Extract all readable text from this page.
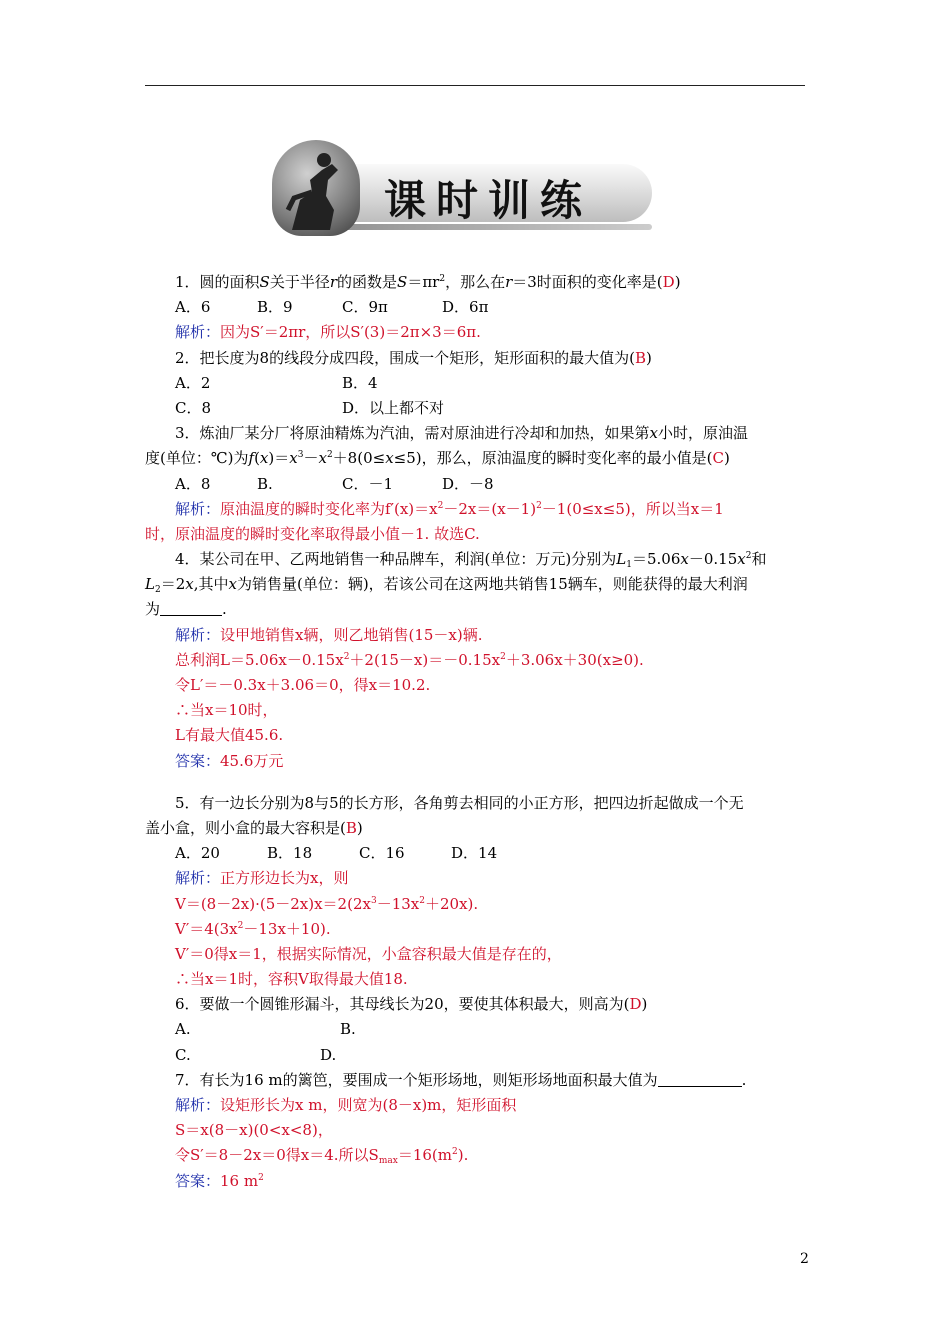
课时训练
1．圆的面积S关于半径r的函数是$S=\pi r^2$，那么在r＝3时面积的变化率是(D)
A．6	B．9	C．9π	D．6π
解析：因为S′＝2πr，所以S′(3)＝2π×3＝6π.
2．把长度为8的线段分成四段，围成一个矩形，矩形面积的最大值为(B)
A．2	B．4
C．8	D．以上都不对
3．炼油厂某分厂将原油精炼为汽油，需对原油进行冷却和加热，如果第x小时，原油温
度(单位：℃)为$f(x)=x^3-x^2+8(0\le x\le 5)$，那么，原油温度的瞬时变化率的最小值是(C)
A．8	B.	C．－1	D．－8
解析：原油温度的瞬时变化率为$f'(x)=x^2-2x=(x-1)^2-1(0\le x\le 5)$，所以当x＝1
时，原油温度的瞬时变化率取得最小值－1. 故选C.
4．某公司在甲、乙两地销售一种品牌车，利润(单位：万元)分别为$L_1=5.06x-0.15x^2$和
$L_2=2x$,其中x为销售量(单位：辆)，若该公司在这两地共销售15辆车，则能获得的最大利润
为	.
解析：设甲地销售x辆，则乙地销售(15－x)辆.
总利润$L=5.06x-0.15x^2+2(15-x)=-0.15x^2+3.06x+30(x\ge 0)$.
令L′＝－0.3x＋3.06＝0，得x＝10.2.
∴当x＝10时，
L有最大值45.6.
答案：45.6万元
5．有一边长分别为8与5的长方形，各角剪去相同的小正方形，把四边折起做成一个无
盖小盒，则小盒的最大容积是(B)
A．20	B．18	C．16	D．14
解析：正方形边长为x，则
$V=(8-2x)\cdot(5-2x)x=2(2x^3-13x^2+20x)$.
$V'=4(3x^2-13x+10)$.
V′＝0得x＝1，根据实际情况，小盒容积最大值是存在的，
∴当x＝1时，容积V取得最大值18.
6．要做一个圆锥形漏斗，其母线长为20，要使其体积最大，则高为(D)
A.	B.
C.	D.
7．有长为16 m的篱笆，要围成一个矩形场地，则矩形场地面积最大值为	.
解析：设矩形长为x m，则宽为(8－x)m，矩形面积
S＝x(8－x)(0<x<8)，
令S′＝8－2x＝0得x＝4.所以$S_{max}=16(m^2)$.
答案：16 $m^2$
2
